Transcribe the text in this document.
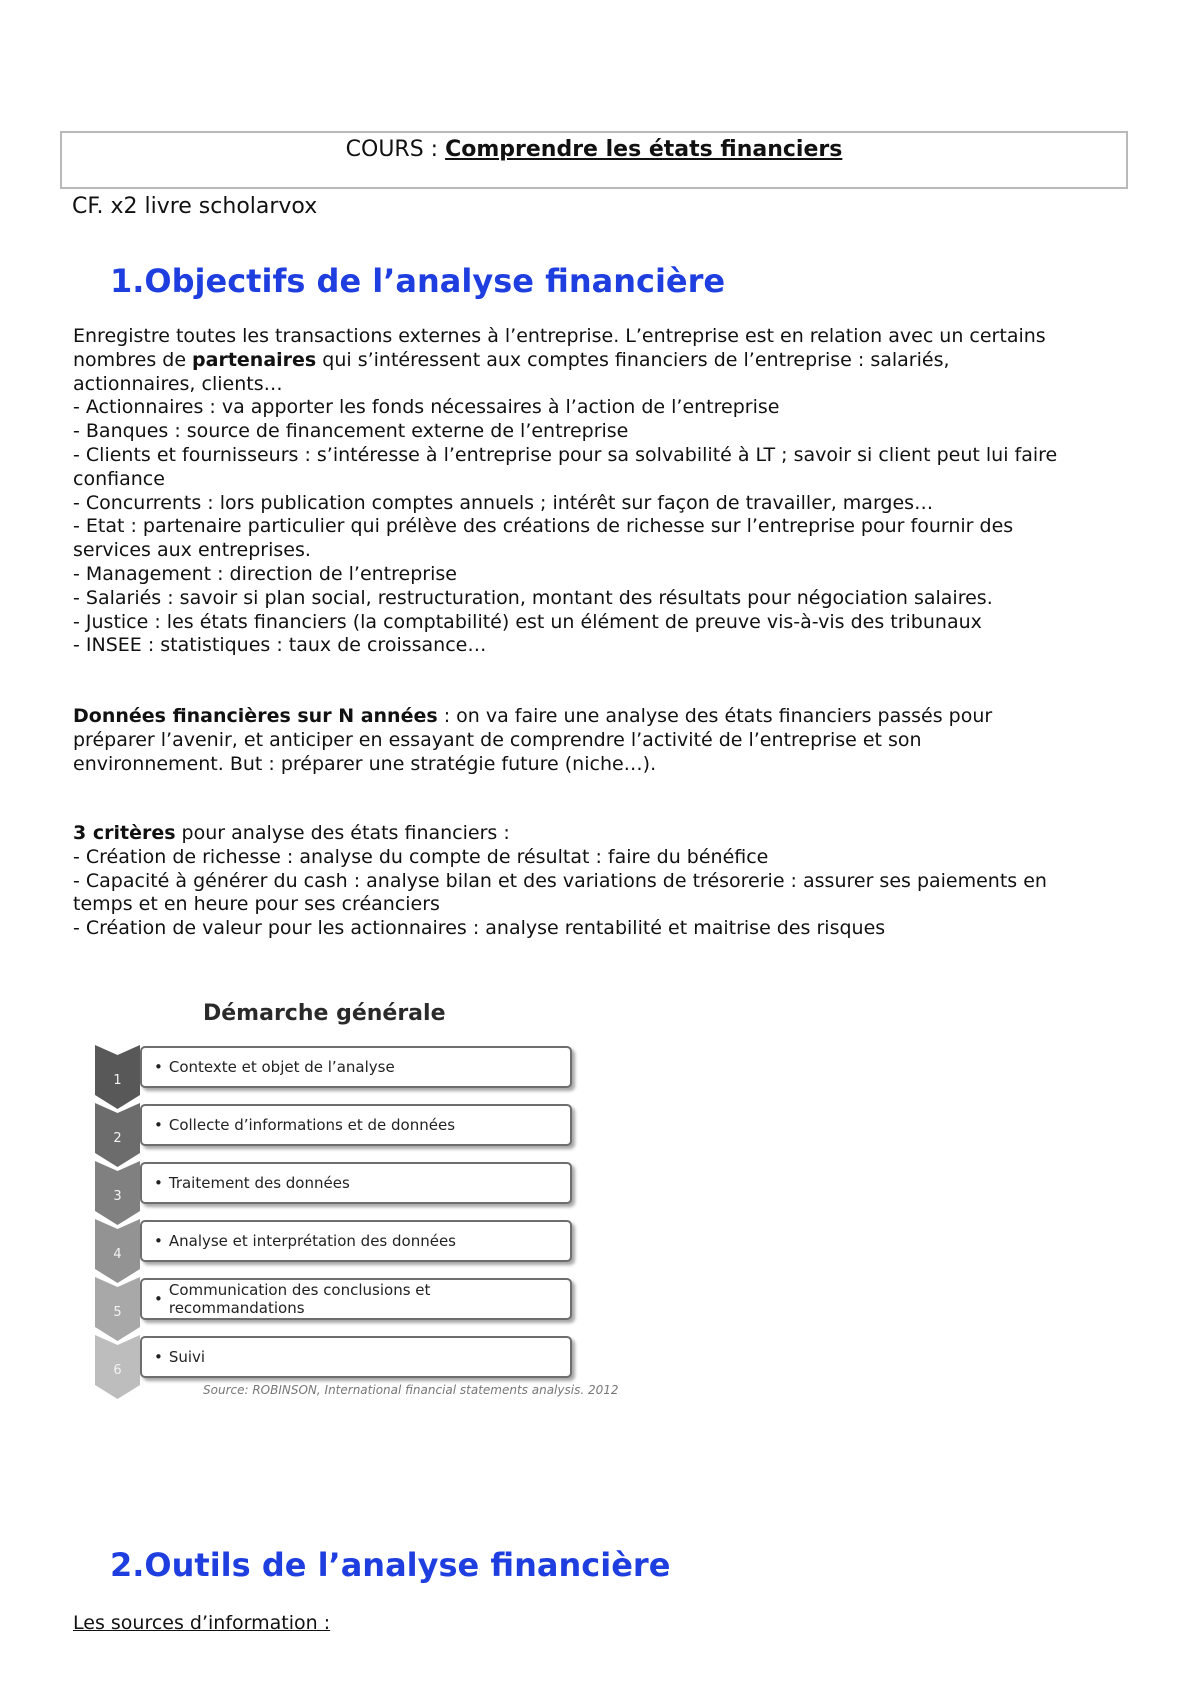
COURS : Comprendre les états financiers
CF. x2 livre scholarvox
1.Objectifs de l’analyse financière
Enregistre toutes les transactions externes à l’entreprise. L’entreprise est en relation avec un certains
nombres de partenaires qui s’intéressent aux comptes financiers de l’entreprise : salariés,
actionnaires, clients…
- Actionnaires : va apporter les fonds nécessaires à l’action de l’entreprise
- Banques : source de financement externe de l’entreprise
- Clients et fournisseurs : s’intéresse à l’entreprise pour sa solvabilité à LT ; savoir si client peut lui faire
confiance
- Concurrents : lors publication comptes annuels ; intérêt sur façon de travailler, marges…
- Etat : partenaire particulier qui prélève des créations de richesse sur l’entreprise pour fournir des
services aux entreprises.
- Management : direction de l’entreprise
- Salariés : savoir si plan social, restructuration, montant des résultats pour négociation salaires.
- Justice : les états financiers (la comptabilité) est un élément de preuve vis-à-vis des tribunaux
- INSEE : statistiques : taux de croissance…
Données financières sur N années : on va faire une analyse des états financiers passés pour
préparer l’avenir, et anticiper en essayant de comprendre l’activité de l’entreprise et son
environnement. But : préparer une stratégie future (niche…).
3 critères pour analyse des états financiers :
- Création de richesse : analyse du compte de résultat : faire du bénéfice
- Capacité à générer du cash : analyse bilan et des variations de trésorerie : assurer ses paiements en
temps et en heure pour ses créanciers
- Création de valeur pour les actionnaires : analyse rentabilité et maitrise des risques
Démarche générale
1
• Contexte et objet de l’analyse
2
• Collecte d’informations et de données
3
• Traitement des données
4
• Analyse et interprétation des données
5
• Communication des conclusions et recommandations
6
• Suivi
Source: ROBINSON, International financial statements analysis. 2012
2.Outils de l’analyse financière
Les sources d’information :
